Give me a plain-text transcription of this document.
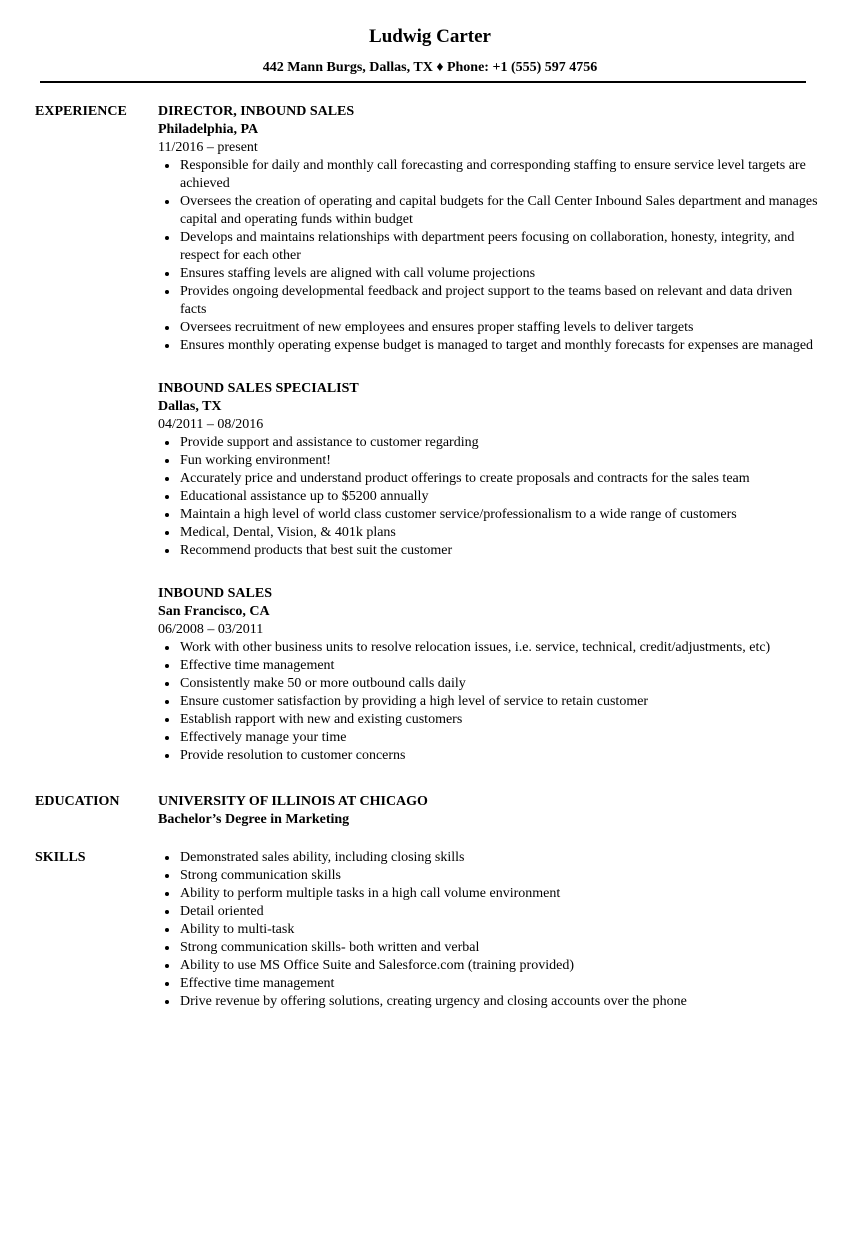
Ludwig Carter
442 Mann Burgs, Dallas, TX ♦ Phone: +1 (555) 597 4756
EXPERIENCE	DIRECTOR, INBOUND SALES
Philadelphia, PA
11/2016 – present
Responsible for daily and monthly call forecasting and corresponding staffing to ensure service level targets are achieved
Oversees the creation of operating and capital budgets for the Call Center Inbound Sales department and manages capital and operating funds within budget
Develops and maintains relationships with department peers focusing on collaboration, honesty, integrity, and respect for each other
Ensures staffing levels are aligned with call volume projections
Provides ongoing developmental feedback and project support to the teams based on relevant and data driven facts
Oversees recruitment of new employees and ensures proper staffing levels to deliver targets
Ensures monthly operating expense budget is managed to target and monthly forecasts for expenses are managed
INBOUND SALES SPECIALIST
Dallas, TX
04/2011 – 08/2016
Provide support and assistance to customer regarding
Fun working environment!
Accurately price and understand product offerings to create proposals and contracts for the sales team
Educational assistance up to $5200 annually
Maintain a high level of world class customer service/professionalism to a wide range of customers
Medical, Dental, Vision, & 401k plans
Recommend products that best suit the customer
INBOUND SALES
San Francisco, CA
06/2008 – 03/2011
Work with other business units to resolve relocation issues, i.e. service, technical, credit/adjustments, etc)
Effective time management
Consistently make 50 or more outbound calls daily
Ensure customer satisfaction by providing a high level of service to retain customer
Establish rapport with new and existing customers
Effectively manage your time
Provide resolution to customer concerns
EDUCATION	UNIVERSITY OF ILLINOIS AT CHICAGO
Bachelor’s Degree in Marketing
SKILLS	Demonstrated sales ability, including closing skills
Strong communication skills
Ability to perform multiple tasks in a high call volume environment
Detail oriented
Ability to multi-task
Strong communication skills- both written and verbal
Ability to use MS Office Suite and Salesforce.com (training provided)
Effective time management
Drive revenue by offering solutions, creating urgency and closing accounts over the phone
